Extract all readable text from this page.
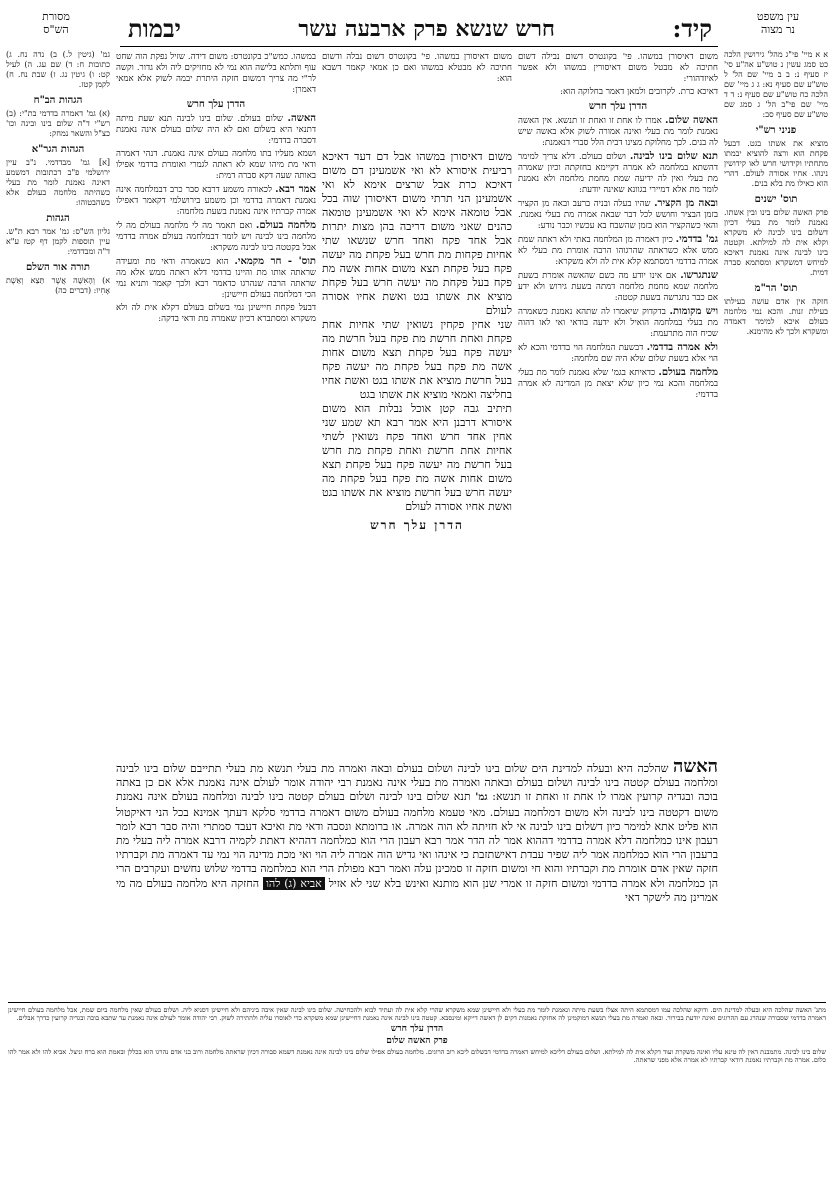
עין משפט
נר מצוה
מסורת
הש"ס	קיד:
חרש שנשא פרק ארבעה עשר
יבמות

א א מיי' פי"ג מהל' גירושין הלכה כט סמג עשין נ טוש"ע אה"ע סי' יז סעיף נ: ב ב מיי' שם הל' ל טוש"ע שם סעיף נא: ג ג מיי' שם הלכה כח טוש"ע שם סעיף נ: ד ד מיי' שם פי"ב הל' ג סמג שם טוש"ע שם סעיף סב:

פניני רש"י

מוציא את אשתו בגט. דבעל פקחת הוא ורצה להוציא יבמתו מתחתיו וקידושי חרש לאו קידושין נינהו. אחיו אסורה לעולם. דהרי הוא כאילו מת בלא בנים.

תוס' ישנים

פרק האשה שלום בינו ובין אשתו. נאמנת לומר מת בעלי דכיון דשלום בינו לבינה לא משקרא וקלא אית לה למילתא. וקטטה בינו לבינה אינה נאמנת דאיכא למיחש דמשקרא ומסתמא סברה דמית.

תוס' הר"מ

חזקה אין אדם עושה בעילתו בעילת זנות. והכא נמי מלחמה בעולם איכא למימר דאמדה ומשקרא ולכך לא מהימנא.

גמ' (גיטין ל.) ב) נדה נח. ג) כתובות ח: ד) שם עג. ה) לעיל קט: ו) גיטין נג. ז) שבת נח. ח) לקמן קטז.

הגהות הב"ח

(א) גמ' דאמרה בדדמי בת"י: (ב) רש"י ד"ה שלום בינו ובינה וכו' כצ"ל והשאר נמחק:

הגהות הגר"א

[א] גמ' מבדדמי. נ"ב עיין ירושלמי פ"ב דכתובות דמשמע דאינה נאמנת לומר מת בעלי כשהיתה מלחמה בעולם אלא בשהבטוהו:

הגהות

גליון הש"ס: גמ' אמר רבא ת"ש. עיין תוספות לקמן דף קטז ע"א ד"ה ומבדדמי:

תורה אור השלם

א) וְהָאִשָּׁה אֲשֶׁר תֵּצֵא וְאֵשֶׁת אָחִיו: (דברים כה)

משום דאיסורן במשהו. פי' בקונטרס דשום נבילה דשום חתיכה לא מבטל משום דאיסורין במשהו ולא אפשר לאיזדהורי:

דאיכא כרת. לקרובים ולמאן דאמר בחלוקה הוא:

הדרן עלך חרש

האשה שלום. אמרו לו אחת זו ואחת זו תנשא. אין האשה נאמנת לומר מת בעלי ואינה אמורה לשוק אלא באשה שיש לה בנים. לכך מחלוקת מצינו דבית הלל סברי דנאמנת:

תנא שלום בינו לבינה. ושלום בעולם. דלא צריך למימר דהשתא במלחמה לא אמרה דקיימא בחזקתה וכיון שאמרה מת בעלי ואין לה ידיעה שמת מחמת מלחמה ולא נאמנת לומר מת אלא דמיירי בגוונא שאינה יודעת:

ובאה מן הקציר. שהיו בעלה ובניה ברעב ובאה מן הקציר בזמן הבציר וחושש לכל דבר שבאה אמרה מת בעלי נאמנת. והאי כשהקציר הוא בזמן שהשבח בא עכשיו וכבר נודע:

גמ' בדדמי. כיון דאמרה מן המלחמה באתי ולא ראתה שמת ממש אלא כשראתה שהרגוהו הרבה אומרת מת בעלי לא אמרה בדדמי דמסתמא קלא אית לה ולא משקרא:

שנתגרשו. אם אינו יודע מה כשם שהאשה אומרת בשעת מלחמה שמא מחמת מלחמה דמתה בשעת גירוש ולא ידע אם כבר נתגרשה בשעת קטטה:

ויש מקומות. בדקדוק שיאמרו לה שתהא נאמנת כשאמרה מת בעלי במלחמה הואיל ולא ידעה בודאי ואי לאו דהוה שכיח הוה מתרעמת:

ולא אמרה בדדמי. דבשעת המלחמה הוי בדדמי והכא לא הוי אלא בשעת שלום שלא היה שם מלחמה:

מלחמה בעולם. כדאיתא בגמ' שלא נאמנת לומר מת בעלי במלחמה והכא נמי כיון שלא יצאת מן המדינה לא אמרה בדדמי:

במשהו. כמש"כ בקונטרס: משום דידה. שזיל נפקת הוה שחט עוף ותלתא בלישה הוא נמי לא מחזיקים ליה ולא גדור. וקשה לר"י מה צריך דמשום חזקה היתרת יבמה לשוק אלא אמאי דאמרן:

הדרן עלך חרש

האשה. שלום בעולם. שלום בינו לבינה תנא שעת מיתה דתנאי היא בשלום ואם לא היה שלום בעולם אינה נאמנת דסברה בדדמי:

ושמא מעליו בתו מלחמה בעולם אינה נאמנת. דנהי דאמרה ודאי מת מיהו שמא לא ראתה לגמרי ואומרת בדדמי אפילו באותה שעה דקא סברה דמית:

אמר רבא. לכאורה משמע דרבא סבר כרב דבמלחמה אינה נאמנת דאמרה בדדמי וכן משמע בירושלמי דקאמר דאפילו אמרה קברתיו אינה נאמנת בשעת מלחמה:

מלחמה בעולם. ואם תאמר מה לי מלחמה בעולם מה לי מלחמה בינו לבינה ויש לומר דבמלחמה בעולם אמרה בדדמי אבל בקטטה בינו לבינה משקרא:

תוס' - חר מקמאי. הוא כשאמרה ודאי מת ומעידה שראתה אותו מת והיינו בדדמי דלא ראתה ממש אלא מה שראתה הרבה שנהרגו כדאמר רבא ולכך קאמר ותניא נמי הכי דמלחמה בעולם חיישינן:

דבעל פקחת חיישינן נמי בשלום בעולם דקלא אית לה ולא משקרא ומסתברא דכיון שאמרה מת ודאי בדקה:

משום דאיסורן במשהו. פי' בקונטרס דשום נבלה ודשום חתיכה לא מבטלא במשהו ואם כן אמאי קאמר דשבא הוא:

משום דאיסורן במשהו אבל דם דעד דאיכא רביעית איסורא לא ואי אשמעינן דם משום דאיכא כרת אבל שרצים אימא לא ואי אשמעינן הני תרתי משום דאיסורן שוה בכל אבל טומאה אימא לא ואי אשמעינן טומאה כהנים שאני משום דריבה בהן מצות יתרות אבל אחד פקח ואחד חרש שנשאו שתי אחיות פקחות מת חרש בעל פקחת מה יעשה פקח בעל פקחת תצא משום אחות אשה מת פקח בעל פקחת מה יעשה חרש בעל פקחת מוציא את אשתו בגט ואשת אחיו אסורה לעולם

שני אחין פקחין נשואין שתי אחיות אחת פקחת ואחת חרשת מת פקח בעל חרשת מה יעשה פקח בעל פקחת תצא משום אחות אשה מת פקח בעל פקחת מה יעשה פקח בעל חרשת מוציא את אשתו בגט ואשת אחיו בחליצה ואמאי מוציא את אשתו בגט

תיתיב גבה קטן אוכל נבלות הוא משום איסורא דרבנן היא אמר רבא תא שמע שני אחין אחד חרש ואחד פקח נשואין לשתי אחיות אחת חרשת ואחת פקחת מת חרש בעל חרשת מה יעשה פקח בעל פקחת תצא משום אחות אשה מת פקח בעל פקחת מה יעשה חרש בעל חרשת מוציא את אשתו בגט ואשת אחיו אסורה לעולם

הדרן עלך חרש
האשה שהלכה היא ובעלה למדינת הים שלום בינו לבינה ושלום בעולם ובאה ואמרה מת בעלי תנשא מת בעלי תתייבם שלום בינו לבינה ומלחמה בעולם קטטה בינו לבינה ושלום בעולם ובאתה ואמרה מת בעלי אינה נאמנת רבי יהודה אומר לעולם אינה נאמנת אלא אם כן באתה בוכה ובגדיה קרועין אמרו לו אחת זו ואחת זו תנשא: גמ' תנא שלום בינו לבינה ושלום בעולם קטטה בינו לבינה ומלחמה בעולם אינה נאמנת משום דקטטה בינו לבינה ולא משום דמלחמה בעולם. מאי טעמא מלחמה בעולם משום דאמרה בדדמי סלקא דעתך אמינא בכל הני דאיקטול הוא פליט אתא למימר כיון דשלום בינו לבינה אי לא חזיתה לא הוה אמרה. או ברומתא ונסבה ודאי מת ואיכא דעבד סמתרי והיה סבר רבא לומר רעבון אינו כמלחמה דלא אמרה בדדמי דההוא אמר לה הדר אמר רבא רעבון הרי הוא כמלחמה דההיא דאתת לקמיה דרבא אמרה ליה בעלי מת ברעבון הרי הוא כמלחמה אמר ליה שפיר עבדת דאישתזבת כי אינהו ואי גדיש הוה אמרה ליה הוי ואי מכת מדינה הוי נמי עד דאמרה מת וקברתיו חזקה שאין אדם אומרת מת וקברתיו והוא חי ומשום חזקה זו סמכינן עלה ואמר רבא מפולת הרי הוא כמלחמה בדדמי שלוש נחשים ועקרבים הרי הן כמלחמה ולא אמרה בדדמי ומשום חזקה זו אמרי שנן הוא מותנא ואינש בלא שני לא אזיל אביא (ג) להו החזקה היא מלחמה בעולם מה מי אמרינן מה לישקר דאי

מתנ' האשה שהלכה היא ובעלה למדינת הים. ודוקא שהלכה עמו דמסתמא היתה אצלו בשעת מיתה ונאמנת לומר מת בעלי ולא חיישינן שמא משקרא שהרי קלא אית לה ועתיד לבוא ולהכחישה. שלום בינו לבינה שאין איבה ביניהם ולא חיישינן דסניא ליה. ושלום בעולם שאין מלחמה ביום שמת, אבל מלחמה בעולם חיישינן דאמרה בדדמי שסבורה שנהרג עם ההרוגים ואינה יודעת בבירור. ובאה ואמרה מת בעלי תנשא דמוקמינן לה אחזקת נאמנות דקים לן דאשה דייקא ומינסבא. קטטה בינו לבינה אינה נאמנת דחיישינן שמא משקרא כדי לאוסרו עליה ולהתירה לשוק. רבי יהודה אומר לעולם אינה נאמנת עד שתבא בוכה ובגדיה קרועין כדרך אבלים.

הדרן עלך חרש
פרק האשה שלום

שלום בינו לבינה. מתמבנת דאין לה טינא עליו ואינה משקרת ועוד דקלא אית לה למילתא. ושלום בעולם דליכא למיחש דאמרה בדדמי דבשלום ליכא רוב הרוגים. מלחמה בעולם אפילו שלום בינו לבינה אינה נאמנת דשמא סבורה דכיון שראתה מלחמה ורוב בני אדם נהרגו הוא בכללן ובאמת הוא ברח וניצל. אביא להו ולא אמר להו כלום. אמרה מת וקברתיו נאמנת דודאי קברתיו לא אמרה אלא מפני שראתה.
